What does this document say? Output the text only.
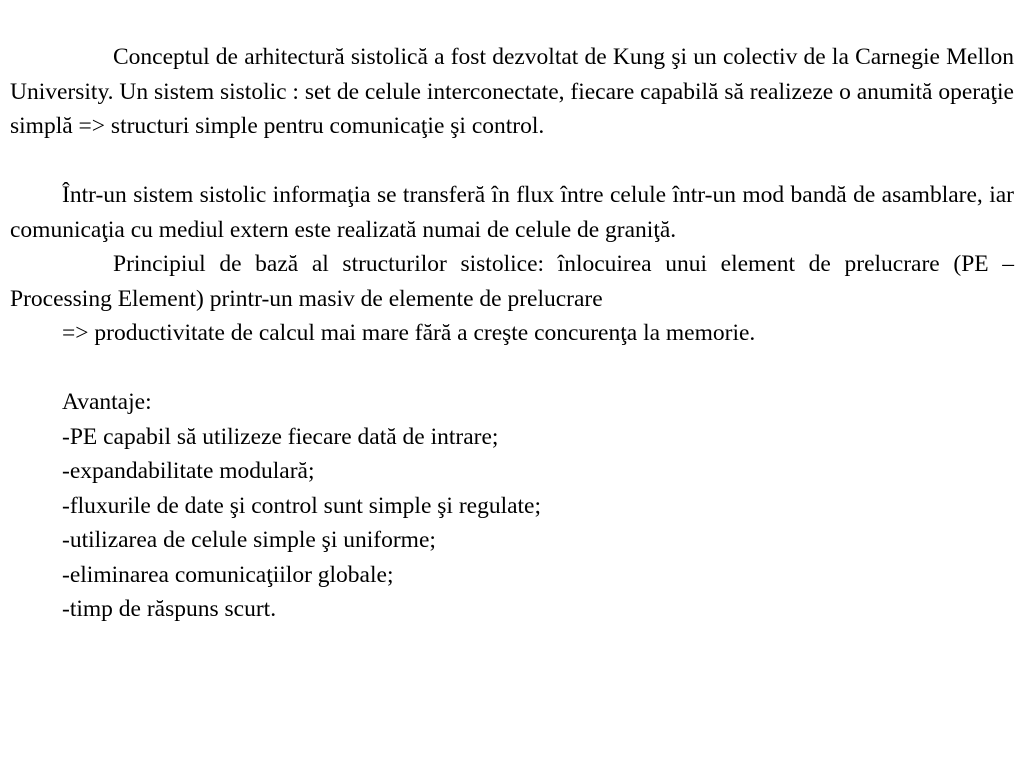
Conceptul de arhitectură sistolică a fost dezvoltat de Kung şi un colectiv de la Carnegie Mellon University. Un sistem sistolic : set de celule interconectate, fiecare capabilă să realizeze o anumită operaţie simplă => structuri simple pentru comunicaţie şi control.

Într-un sistem sistolic informaţia se transferă în flux între celule într-un mod bandă de asamblare, iar comunicaţia cu mediul extern este realizată numai de celule de graniţă.

Principiul de bază al structurilor sistolice: înlocuirea unui element de prelucrare (PE – Processing Element) printr-un masiv de elemente de prelucrare

=> productivitate de calcul mai mare fără a creşte concurenţa la memorie.

Avantaje:

-PE capabil să utilizeze fiecare dată de intrare;
-expandabilitate modulară;
-fluxurile de date şi control sunt simple şi regulate;
-utilizarea de celule simple şi uniforme;
-eliminarea comunicaţiilor globale;
-timp de răspuns scurt.
